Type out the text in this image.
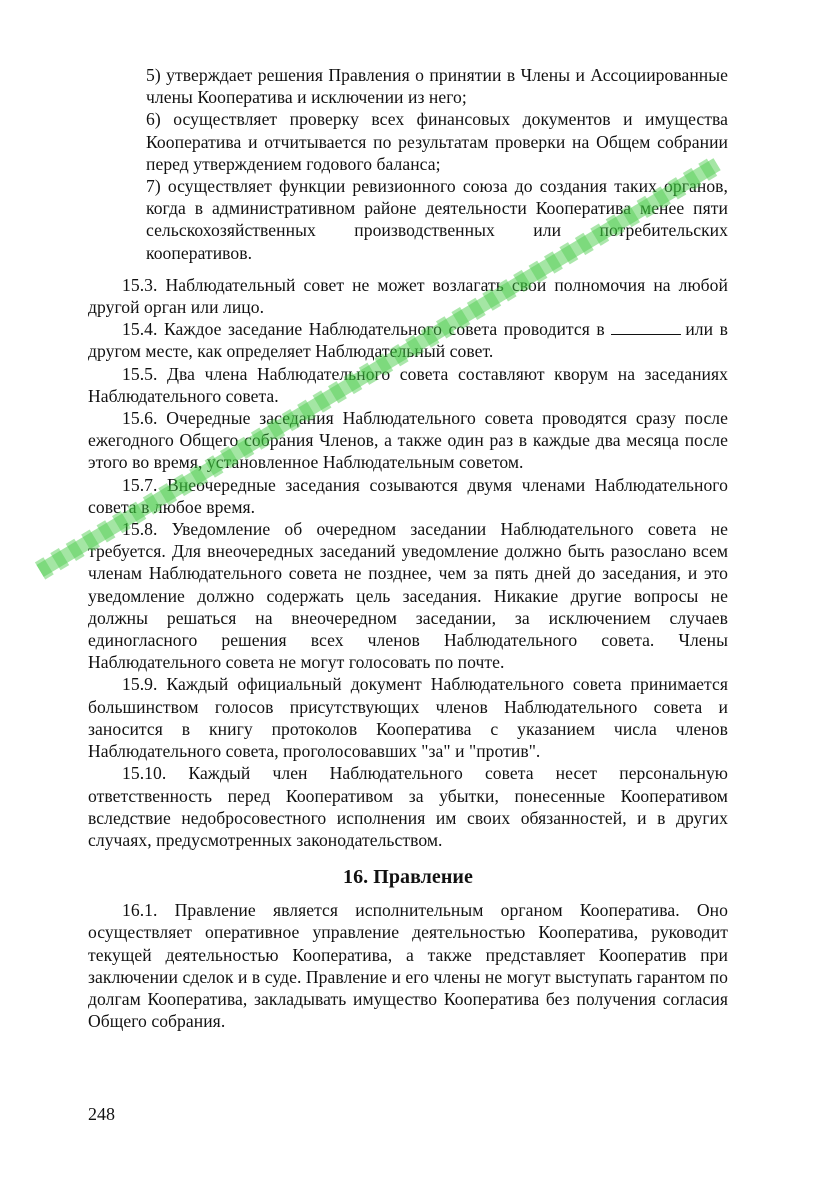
5) утверждает решения Правления о принятии в Члены и Ассоциированные члены Кооператива и исключении из него;

6) осуществляет проверку всех финансовых документов и имущества Кооператива и отчитывается по результатам проверки на Общем собрании перед утверждением годового баланса;

7) осуществляет функции ревизионного союза до создания таких органов, когда в административном районе деятельности Кооператива менее пяти сельскохозяйственных производственных или потребительских кооперативов.

15.3. Наблюдательный совет не может возлагать свои полномочия на любой другой орган или лицо.

15.4. Каждое заседание Наблюдательного совета проводится в	или в другом месте, как определяет Наблюдательный совет.

15.5. Два члена Наблюдательного совета составляют кворум на заседаниях Наблюдательного совета.

15.6. Очередные заседания Наблюдательного совета проводятся сразу после ежегодного Общего собрания Членов, а также один раз в каждые два месяца после этого во время, установленное Наблюдательным советом.

15.7. Внеочередные заседания созываются двумя членами Наблюдательного совета в любое время.

15.8. Уведомление об очередном заседании Наблюдательного совета не требуется. Для внеочередных заседаний уведомление должно быть разослано всем членам Наблюдательного совета не позднее, чем за пять дней до заседания, и это уведомление должно содержать цель заседания. Никакие другие вопросы не должны решаться на внеочередном заседании, за исключением случаев единогласного решения всех членов Наблюдательного совета. Члены Наблюдательного совета не могут голосовать по почте.

15.9. Каждый официальный документ Наблюдательного совета принимается большинством голосов присутствующих членов Наблюдательного совета и заносится в книгу протоколов Кооператива с указанием числа членов Наблюдательного совета, проголосовавших "за" и "против".

15.10. Каждый член Наблюдательного совета несет персональную ответственность перед Кооперативом за убытки, понесенные Кооперативом вследствие недобросовестного исполнения им своих обязанностей, и в других случаях, предусмотренных законодательством.

16. Правление

16.1. Правление является исполнительным органом Кооператива. Оно осуществляет оперативное управление деятельностью Кооператива, руководит текущей деятельностью Кооператива, а также представляет Кооператив при заключении сделок и в суде. Правление и его члены не могут выступать гарантом по долгам Кооператива, закладывать имущество Кооператива без получения согласия Общего собрания.

248
